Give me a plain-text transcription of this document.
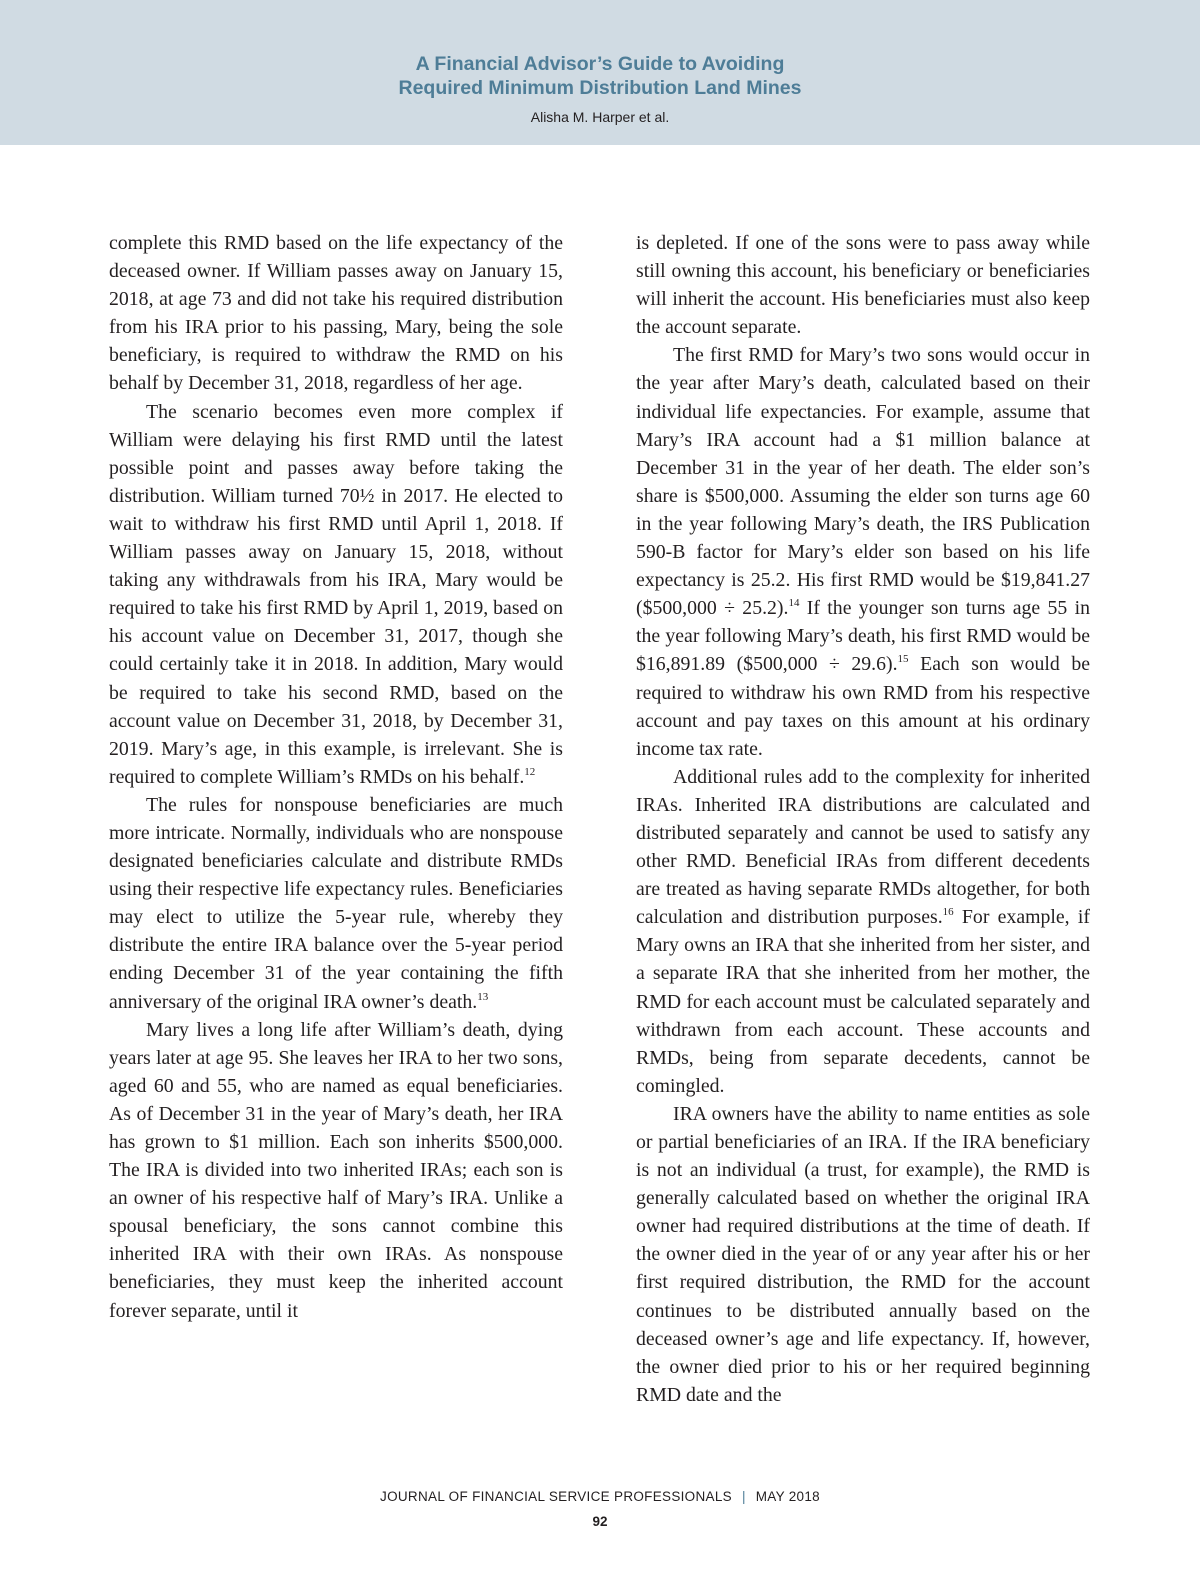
A Financial Advisor’s Guide to Avoiding
Required Minimum Distribution Land Mines
Alisha M. Harper et al.

complete this RMD based on the life expectancy of the deceased owner. If William passes away on January 15, 2018, at age 73 and did not take his required distribution from his IRA prior to his passing, Mary, being the sole beneficiary, is required to withdraw the RMD on his behalf by December 31, 2018, regardless of her age.

The scenario becomes even more complex if William were delaying his first RMD until the latest possible point and passes away before taking the distribution. William turned 70½ in 2017. He elected to wait to withdraw his first RMD until April 1, 2018. If William passes away on January 15, 2018, without taking any withdrawals from his IRA, Mary would be required to take his first RMD by April 1, 2019, based on his account value on December 31, 2017, though she could certainly take it in 2018. In addition, Mary would be required to take his second RMD, based on the account value on December 31, 2018, by December 31, 2019. Mary’s age, in this example, is irrelevant. She is required to complete William’s RMDs on his behalf.$^{12}$

The rules for nonspouse beneficiaries are much more intricate. Normally, individuals who are nonspouse designated beneficiaries calculate and distribute RMDs using their respective life expectancy rules. Beneficiaries may elect to utilize the 5-year rule, whereby they distribute the entire IRA balance over the 5-year period ending December 31 of the year containing the fifth anniversary of the original IRA owner’s death.$^{13}$

Mary lives a long life after William’s death, dying years later at age 95. She leaves her IRA to her two sons, aged 60 and 55, who are named as equal beneficiaries. As of December 31 in the year of Mary’s death, her IRA has grown to $1 million. Each son inherits $500,000. The IRA is divided into two inherited IRAs; each son is an owner of his respective half of Mary’s IRA. Unlike a spousal beneficiary, the sons cannot combine this inherited IRA with their own IRAs. As nonspouse beneficiaries, they must keep the inherited account forever separate, until it

is depleted. If one of the sons were to pass away while still owning this account, his beneficiary or beneficiaries will inherit the account. His beneficiaries must also keep the account separate.

The first RMD for Mary’s two sons would occur in the year after Mary’s death, calculated based on their individual life expectancies. For example, assume that Mary’s IRA account had a $1 million balance at December 31 in the year of her death. The elder son’s share is $500,000. Assuming the elder son turns age 60 in the year following Mary’s death, the IRS Publication 590-B factor for Mary’s elder son based on his life expectancy is 25.2. His first RMD would be $19,841.27 ($500,000 ÷ 25.2).$^{14}$ If the younger son turns age 55 in the year following Mary’s death, his first RMD would be $16,891.89 ($500,000 ÷ 29.6).$^{15}$ Each son would be required to withdraw his own RMD from his respective account and pay taxes on this amount at his ordinary income tax rate.

Additional rules add to the complexity for inherited IRAs. Inherited IRA distributions are calculated and distributed separately and cannot be used to satisfy any other RMD. Beneficial IRAs from different decedents are treated as having separate RMDs altogether, for both calculation and distribution purposes.$^{16}$ For example, if Mary owns an IRA that she inherited from her sister, and a separate IRA that she inherited from her mother, the RMD for each account must be calculated separately and withdrawn from each account. These accounts and RMDs, being from separate decedents, cannot be comingled.

IRA owners have the ability to name entities as sole or partial beneficiaries of an IRA. If the IRA beneficiary is not an individual (a trust, for example), the RMD is generally calculated based on whether the original IRA owner had required distributions at the time of death. If the owner died in the year of or any year after his or her first required distribution, the RMD for the account continues to be distributed annually based on the deceased owner’s age and life expectancy. If, however, the owner died prior to his or her required beginning RMD date and the

JOURNAL OF FINANCIAL SERVICE PROFESSIONALS | MAY 2018
92
